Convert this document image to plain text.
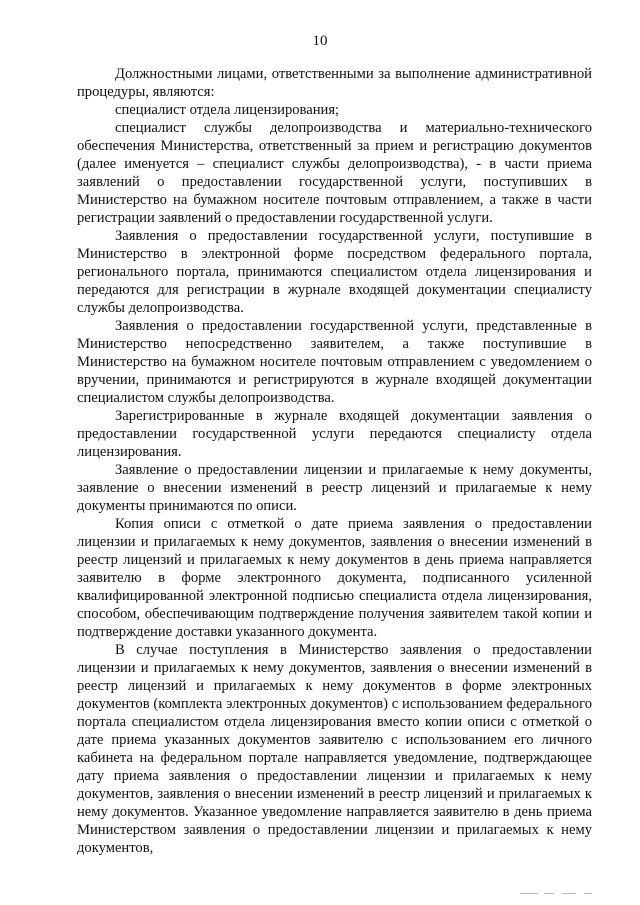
10

Должностными лицами, ответственными за выполнение административной процедуры, являются:

специалист отдела лицензирования;

специалист службы делопроизводства и материально-технического обеспечения Министерства, ответственный за прием и регистрацию документов (далее именуется – специалист службы делопроизводства), - в части приема заявлений о предоставлении государственной услуги, поступивших в Министерство на бумажном носителе почтовым отправлением, а также в части регистрации заявлений о предоставлении государственной услуги.

Заявления о предоставлении государственной услуги, поступившие в Министерство в электронной форме посредством федерального портала, регионального портала, принимаются специалистом отдела лицензирования и передаются для регистрации в журнале входящей документации специалисту службы делопроизводства.

Заявления о предоставлении государственной услуги, представленные в Министерство непосредственно заявителем, а также поступившие в Министерство на бумажном носителе почтовым отправлением с уведомлением о вручении, принимаются и регистрируются в журнале входящей документации специалистом службы делопроизводства.

Зарегистрированные в журнале входящей документации заявления о предоставлении государственной услуги передаются специалисту отдела лицензирования.

Заявление о предоставлении лицензии и прилагаемые к нему документы, заявление о внесении изменений в реестр лицензий и прилагаемые к нему документы принимаются по описи.

Копия описи с отметкой о дате приема заявления о предоставлении лицензии и прилагаемых к нему документов, заявления о внесении изменений в реестр лицензий и прилагаемых к нему документов в день приема направляется заявителю в форме электронного документа, подписанного усиленной квалифицированной электронной подписью специалиста отдела лицензирования, способом, обеспечивающим подтверждение получения заявителем такой копии и подтверждение доставки указанного документа.

В случае поступления в Министерство заявления о предоставлении лицензии и прилагаемых к нему документов, заявления о внесении изменений в реестр лицензий и прилагаемых к нему документов в форме электронных документов (комплекта электронных документов) с использованием федерального портала специалистом отдела лицензирования вместо копии описи с отметкой о дате приема указанных документов заявителю с использованием его личного кабинета на федеральном портале направляется уведомление, подтверждающее дату приема заявления о предоставлении лицензии и прилагаемых к нему документов, заявления о внесении изменений в реестр лицензий и прилагаемых к нему документов. Указанное уведомление направляется заявителю в день приема Министерством заявления о предоставлении лицензии и прилагаемых к нему документов,
